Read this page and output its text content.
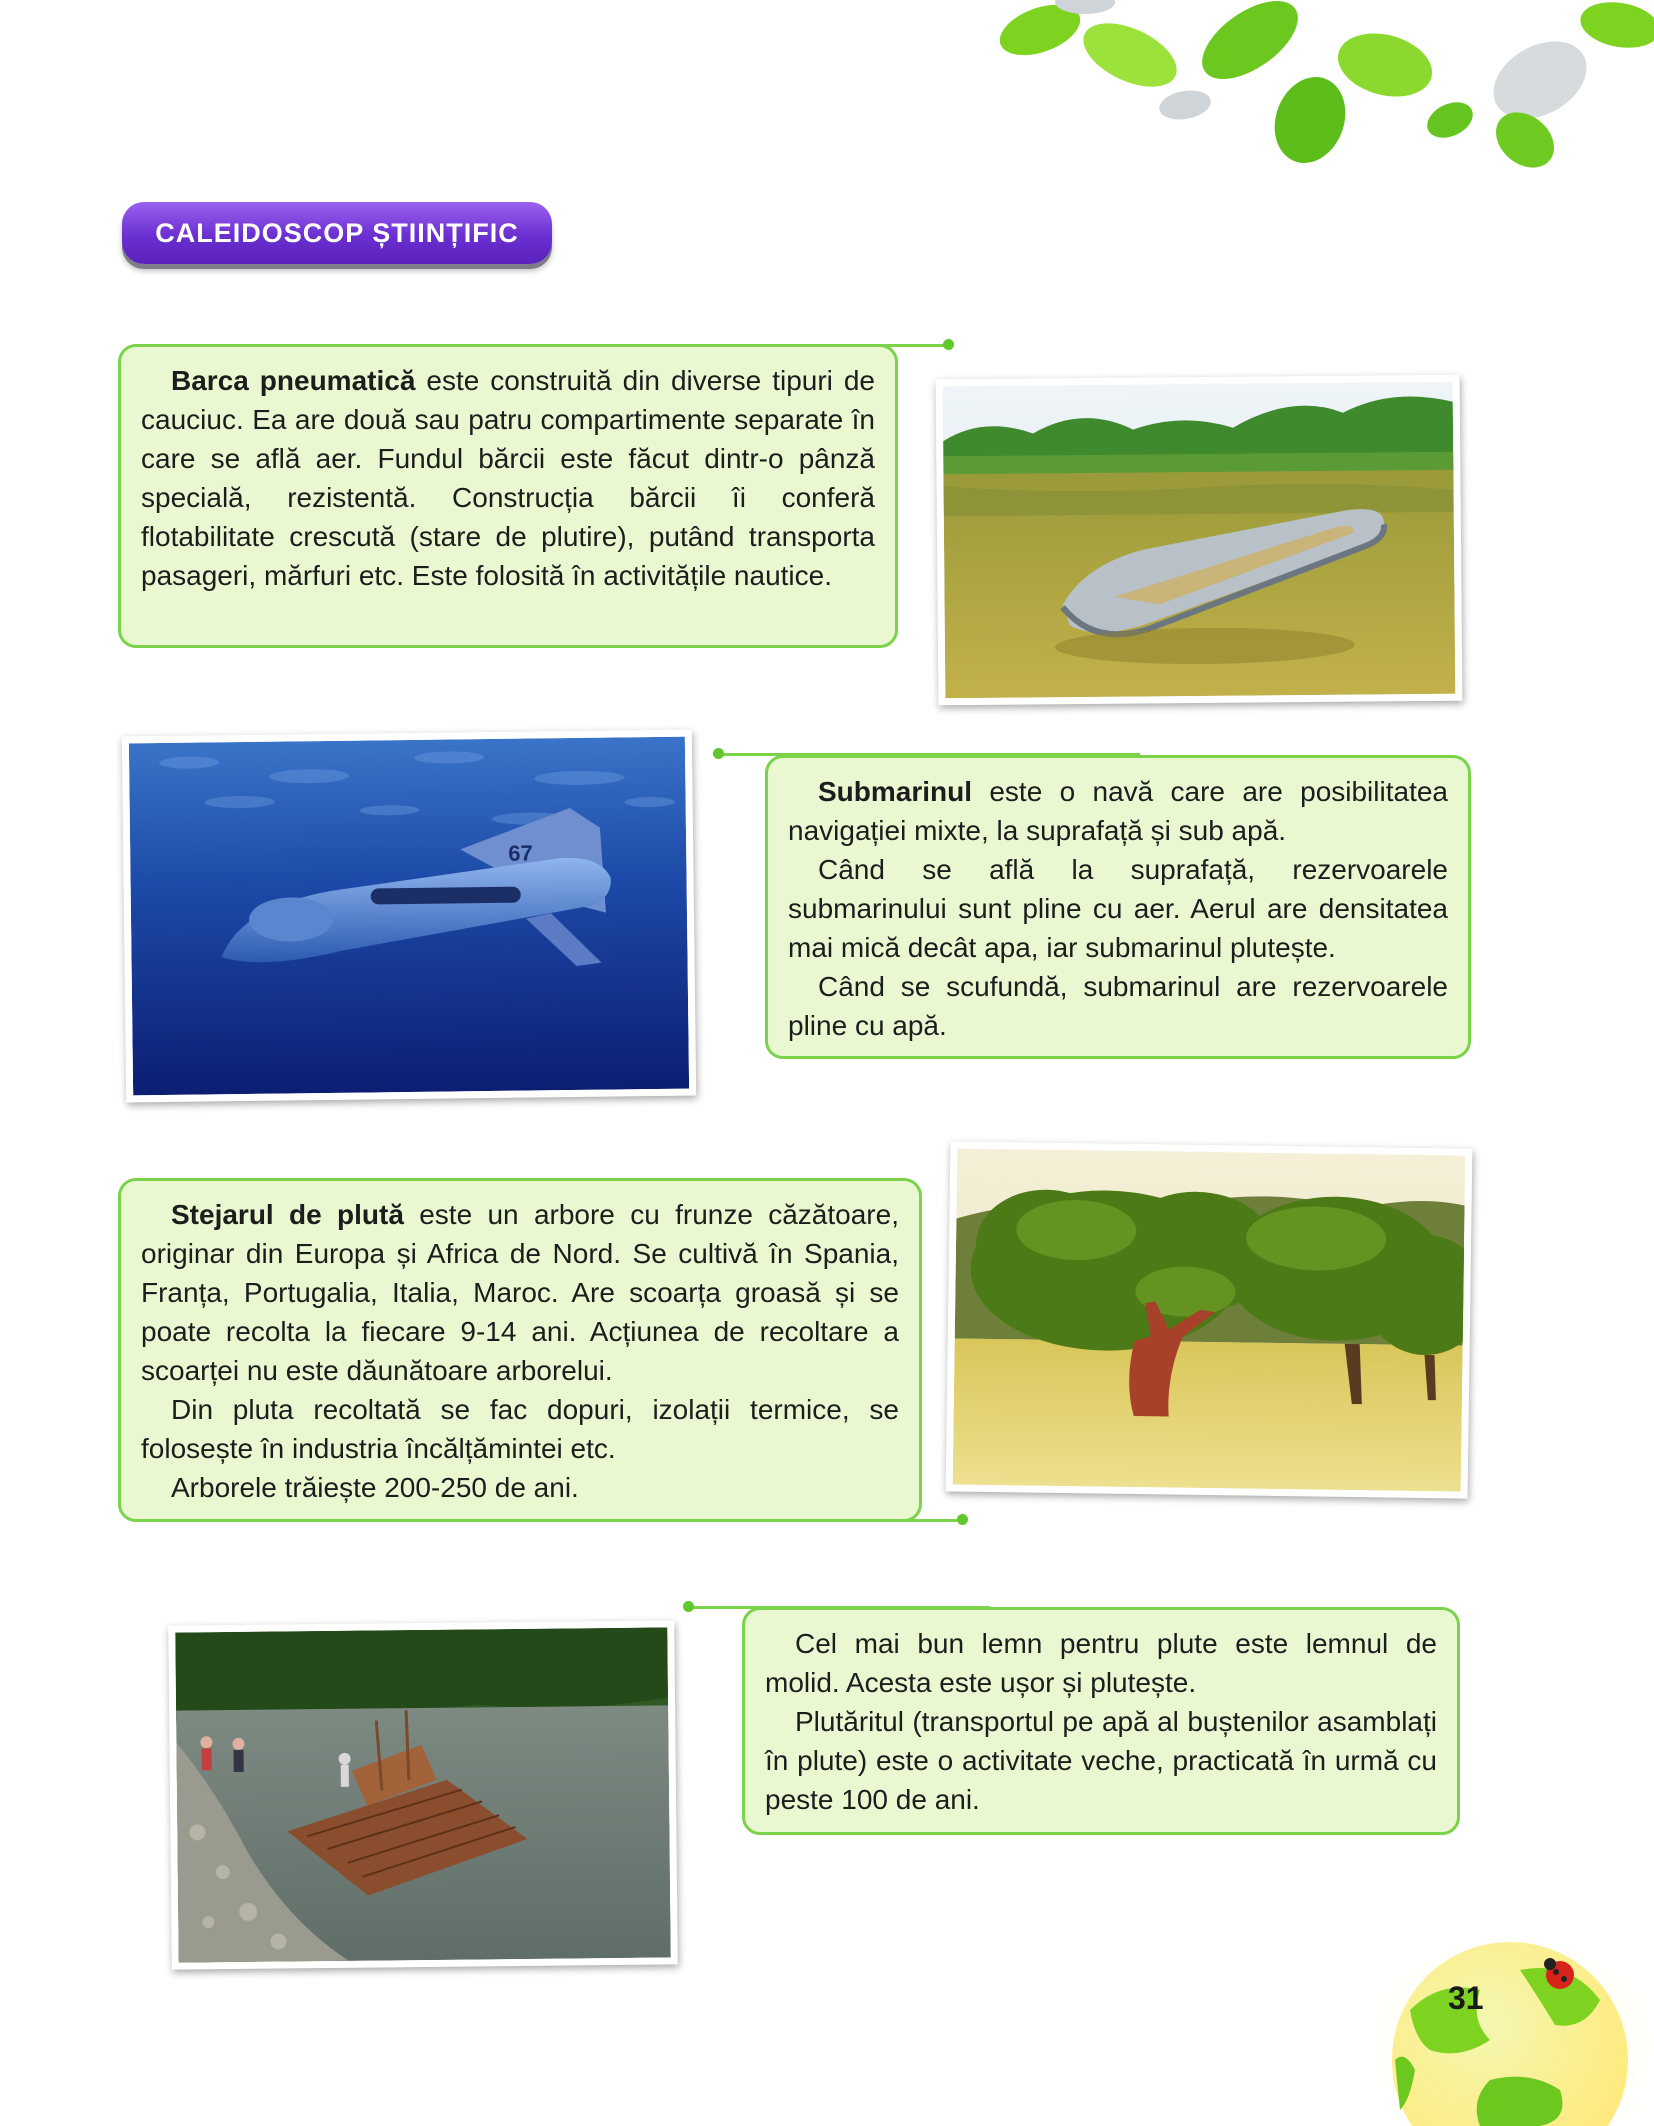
CALEIDOSCOP ȘTIINȚIFIC

Barca pneumatică este construită din diverse tipuri de cauciuc. Ea are două sau patru compartimente separate în care se află aer. Fundul bărcii este făcut dintr-o pânză specială, rezistentă. Construcția bărcii îi conferă flotabilitate crescută (stare de plutire), putând transporta pasageri, mărfuri etc. Este folosită în activitățile nautice.

67

Submarinul este o navă care are posibilitatea navigației mixte, la suprafață și sub apă.

Când se află la suprafață, rezervoarele submarinului sunt pline cu aer. Aerul are densitatea mai mică decât apa, iar submarinul plutește.

Când se scufundă, submarinul are rezervoarele pline cu apă.

Stejarul de plută este un arbore cu frunze căzătoare, originar din Europa și Africa de Nord. Se cultivă în Spania, Franța, Portugalia, Italia, Maroc. Are scoarța groasă și se poate recolta la fiecare 9-14 ani. Acțiunea de recoltare a scoarței nu este dăunătoare arborelui.

Din pluta recoltată se fac dopuri, izolații termice, se folosește în industria încălțămintei etc.

Arborele trăiește 200-250 de ani.

Cel mai bun lemn pentru plute este lemnul de molid. Acesta este ușor și plutește.

Plutăritul (transportul pe apă al buștenilor asamblați în plute) este o activitate veche, practicată în urmă cu peste 100 de ani.

31
